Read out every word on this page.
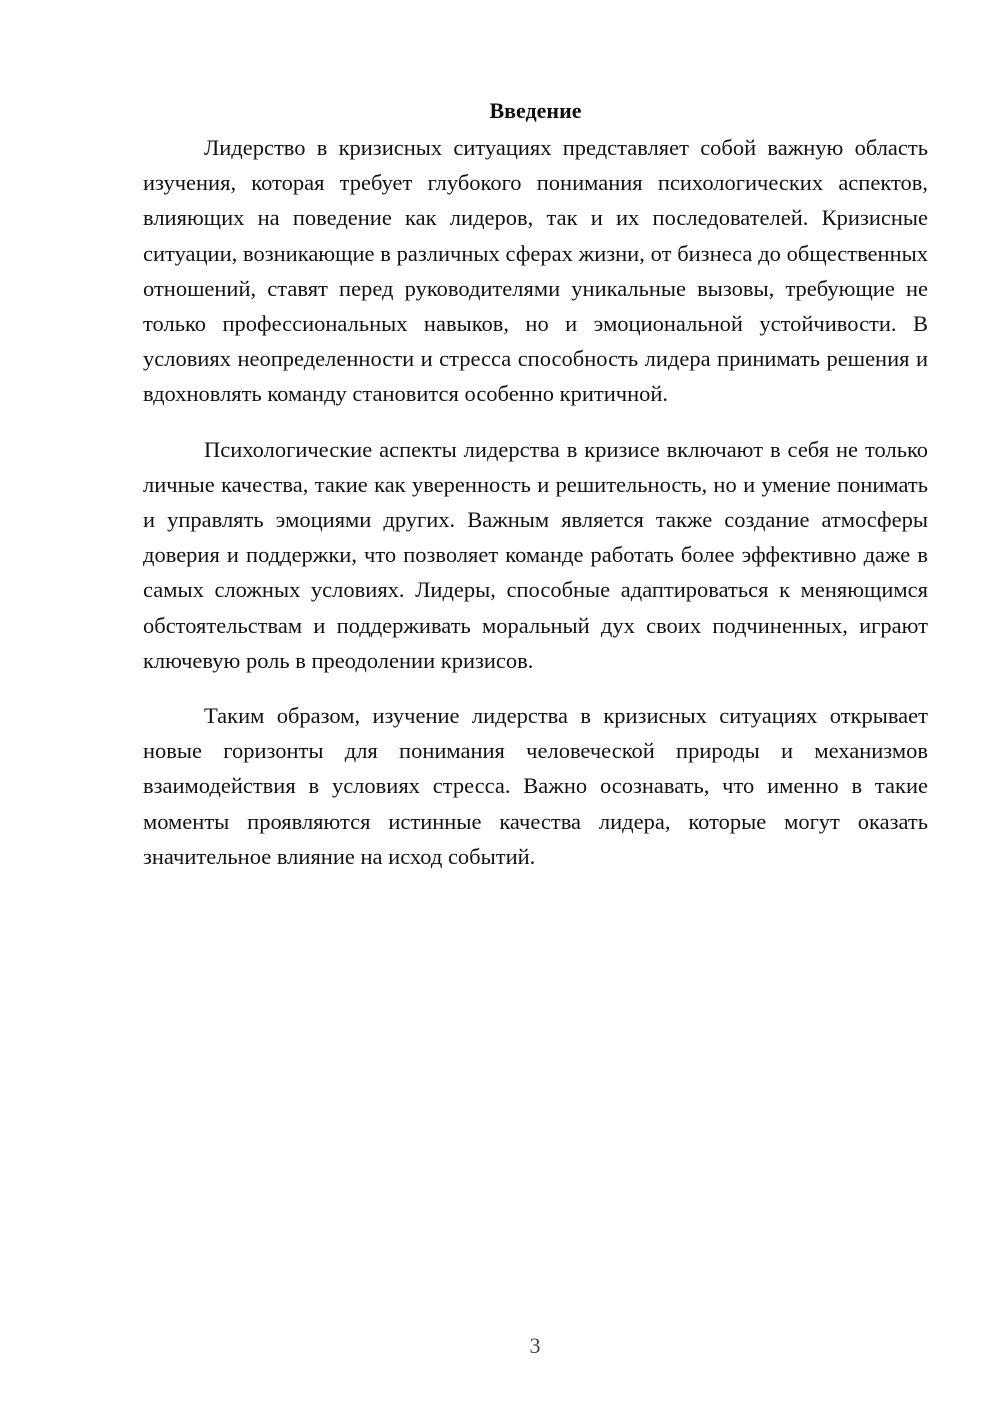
Введение

Лидерство в кризисных ситуациях представляет собой важную область изучения, которая требует глубокого понимания психологических аспектов, влияющих на поведение как лидеров, так и их последователей. Кризисные ситуации, возникающие в различных сферах жизни, от бизнеса до общественных отношений, ставят перед руководителями уникальные вызовы, требующие не только профессиональных навыков, но и эмоциональной устойчивости. В условиях неопределенности и стресса способность лидера принимать решения и вдохновлять команду становится особенно критичной.

Психологические аспекты лидерства в кризисе включают в себя не только личные качества, такие как уверенность и решительность, но и умение понимать и управлять эмоциями других. Важным является также создание атмосферы доверия и поддержки, что позволяет команде работать более эффективно даже в самых сложных условиях. Лидеры, способные адаптироваться к меняющимся обстоятельствам и поддерживать моральный дух своих подчиненных, играют ключевую роль в преодолении кризисов.

Таким образом, изучение лидерства в кризисных ситуациях открывает новые горизонты для понимания человеческой природы и механизмов взаимодействия в условиях стресса. Важно осознавать, что именно в такие моменты проявляются истинные качества лидера, которые могут оказать значительное влияние на исход событий.

3
